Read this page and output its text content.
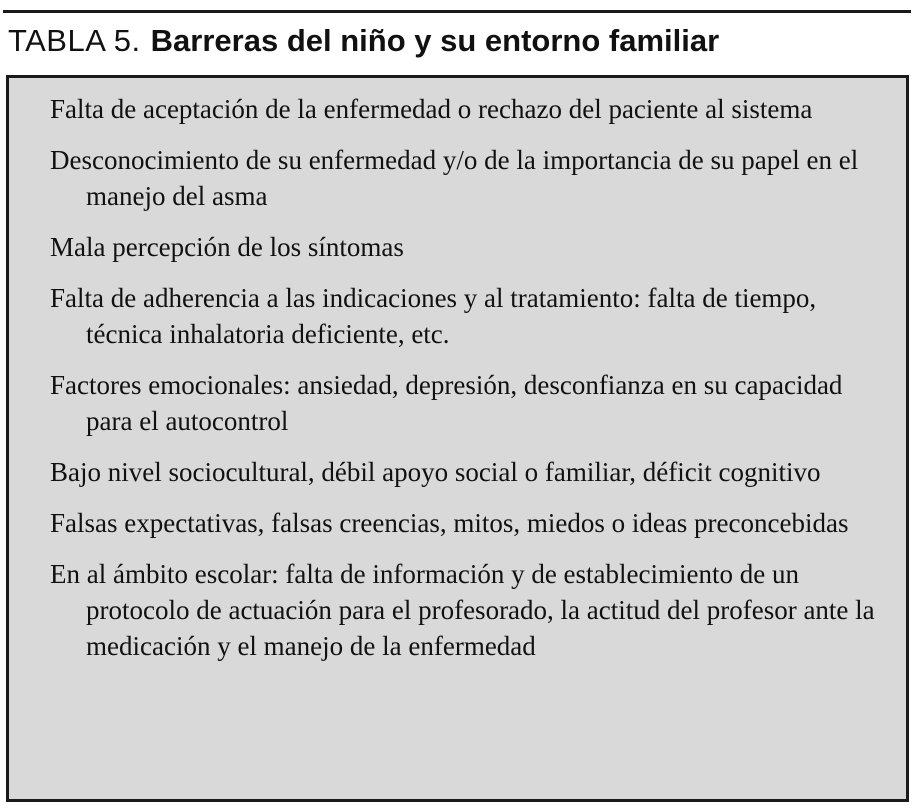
TABLA 5. Barreras del niño y su entorno familiar
Falta de aceptación de la enfermedad o rechazo del paciente al sistema
Desconocimiento de su enfermedad y/o de la importancia de su papel en el manejo del asma
Mala percepción de los síntomas
Falta de adherencia a las indicaciones y al tratamiento: falta de tiempo, técnica inhalatoria deficiente, etc.
Factores emocionales: ansiedad, depresión, desconfianza en su capacidad para el autocontrol
Bajo nivel sociocultural, débil apoyo social o familiar, déficit cognitivo
Falsas expectativas, falsas creencias, mitos, miedos o ideas preconcebidas
En al ámbito escolar: falta de información y de establecimiento de un protocolo de actuación para el profesorado, la actitud del profesor ante la medicación y el manejo de la enfermedad
